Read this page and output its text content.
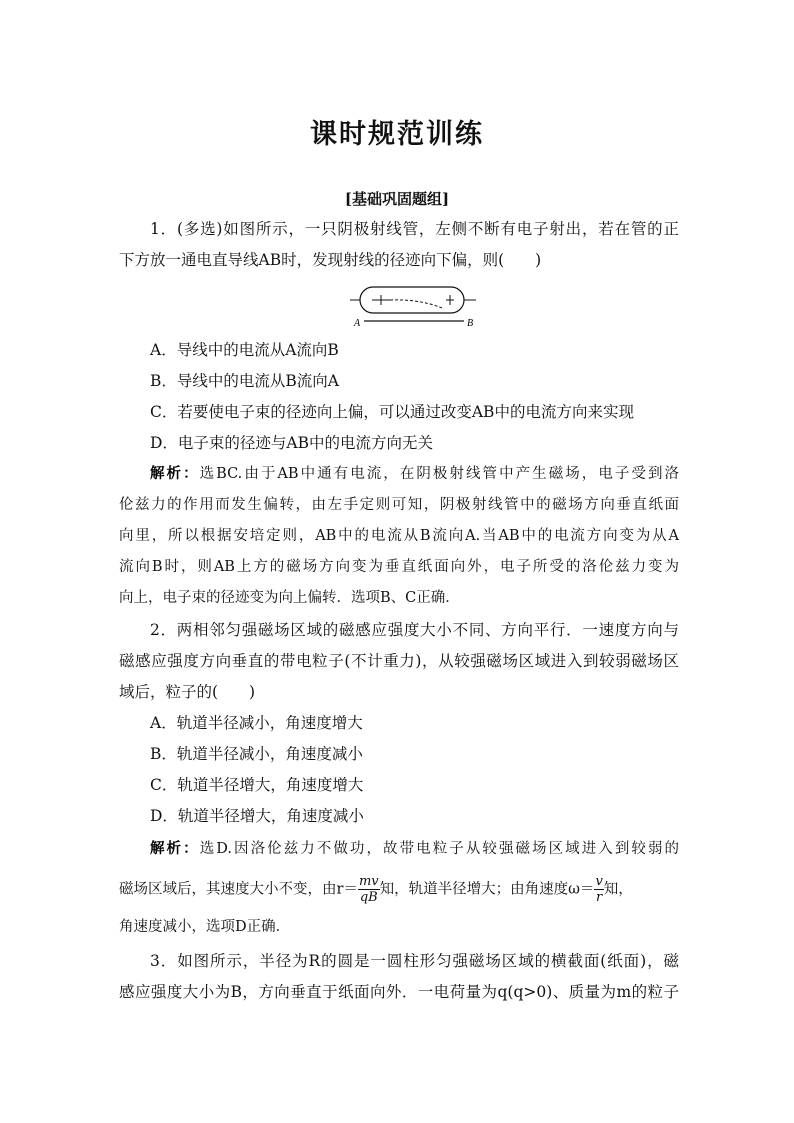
课时规范训练
[基础巩固题组]
1．(多选)如图所示，一只阴极射线管，左侧不断有电子射出，若在管的正
下方放一通电直导线AB时，发现射线的径迹向下偏，则(　　)
A	B
A．导线中的电流从A流向B
B．导线中的电流从B流向A
C．若要使电子束的径迹向上偏，可以通过改变AB中的电流方向来实现
D．电子束的径迹与AB中的电流方向无关
解析：选BC.由于AB中通有电流，在阴极射线管中产生磁场，电子受到洛
伦兹力的作用而发生偏转，由左手定则可知，阴极射线管中的磁场方向垂直纸面
向里，所以根据安培定则，AB中的电流从B流向A.当AB中的电流方向变为从A
流向B时，则AB上方的磁场方向变为垂直纸面向外，电子所受的洛伦兹力变为
向上，电子束的径迹变为向上偏转．选项B、C正确．
2．两相邻匀强磁场区域的磁感应强度大小不同、方向平行．一速度方向与
磁感应强度方向垂直的带电粒子(不计重力)，从较强磁场区域进入到较弱磁场区
域后，粒子的(　　)
A．轨道半径减小，角速度增大
B．轨道半径减小，角速度减小
C．轨道半径增大，角速度增大
D．轨道半径增大，角速度减小
解析：选D.因洛伦兹力不做功，故带电粒子从较强磁场区域进入到较弱的
磁场区域后，其速度大小不变，由$r= \frac{mv}{qB}$ 知，轨道半径增大；由角速度$\omega= \frac{v}{r}$ 知，
角速度减小，选项D正确．
3．如图所示，半径为R的圆是一圆柱形匀强磁场区域的横截面(纸面)，磁
感应强度大小为B，方向垂直于纸面向外．一电荷量为q(q>0)、质量为m的粒子
